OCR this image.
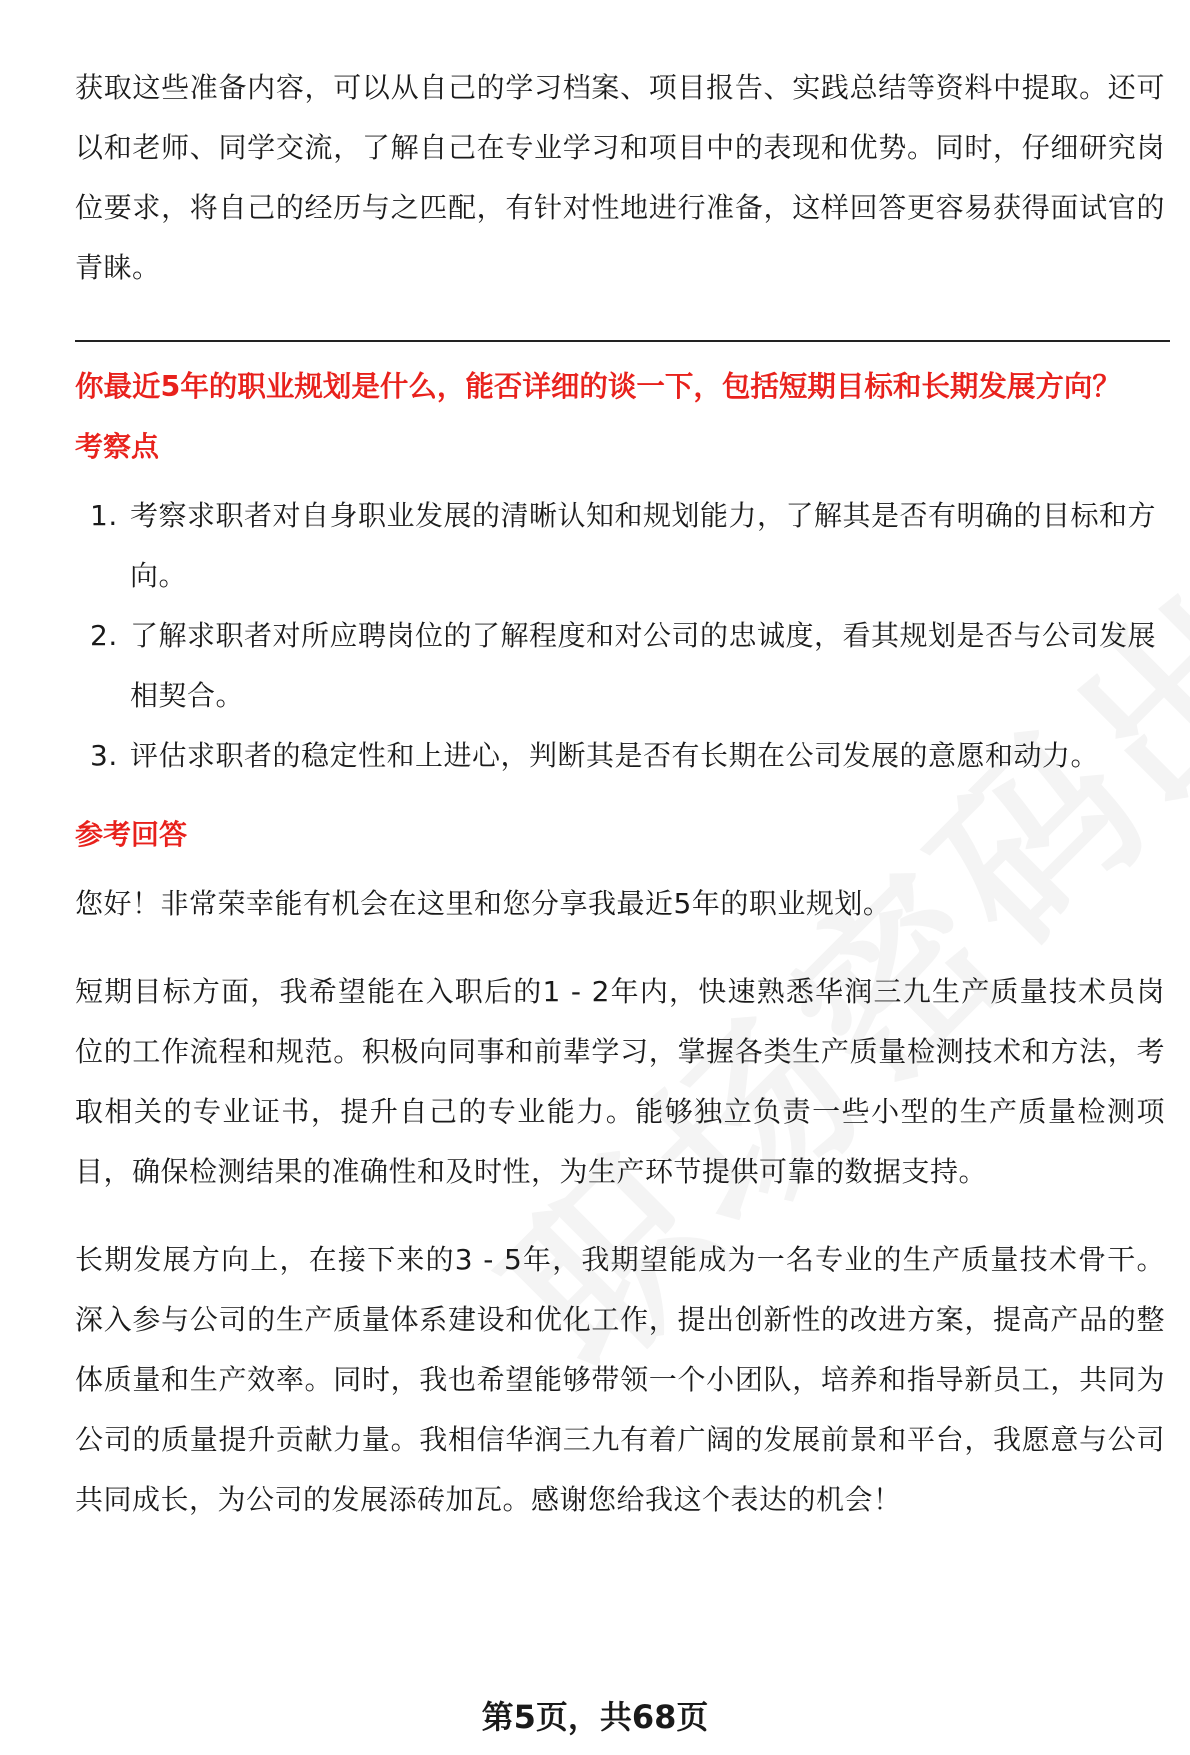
获取这些准备内容，可以从自己的学习档案、项目报告、实践总结等资料中提取。还可以和老师、同学交流，了解自己在专业学习和项目中的表现和优势。同时，仔细研究岗位要求，将自己的经历与之匹配，有针对性地进行准备，这样回答更容易获得面试官的青睐。

你最近5年的职业规划是什么，能否详细的谈一下，包括短期目标和长期发展方向？

考察点

1. 考察求职者对自身职业发展的清晰认知和规划能力，了解其是否有明确的目标和方向。
2. 了解求职者对所应聘岗位的了解程度和对公司的忠诚度，看其规划是否与公司发展相契合。
3. 评估求职者的稳定性和上进心，判断其是否有长期在公司发展的意愿和动力。

参考回答

您好！非常荣幸能有机会在这里和您分享我最近5年的职业规划。

短期目标方面，我希望能在入职后的1 - 2年内，快速熟悉华润三九生产质量技术员岗位的工作流程和规范。积极向同事和前辈学习，掌握各类生产质量检测技术和方法，考取相关的专业证书，提升自己的专业能力。能够独立负责一些小型的生产质量检测项目，确保检测结果的准确性和及时性，为生产环节提供可靠的数据支持。

长期发展方向上，在接下来的3 - 5年，我期望能成为一名专业的生产质量技术骨干。深入参与公司的生产质量体系建设和优化工作，提出创新性的改进方案，提高产品的整体质量和生产效率。同时，我也希望能够带领一个小团队，培养和指导新员工，共同为公司的质量提升贡献力量。我相信华润三九有着广阔的发展前景和平台，我愿意与公司共同成长，为公司的发展添砖加瓦。感谢您给我这个表达的机会！

第5页，共68页
